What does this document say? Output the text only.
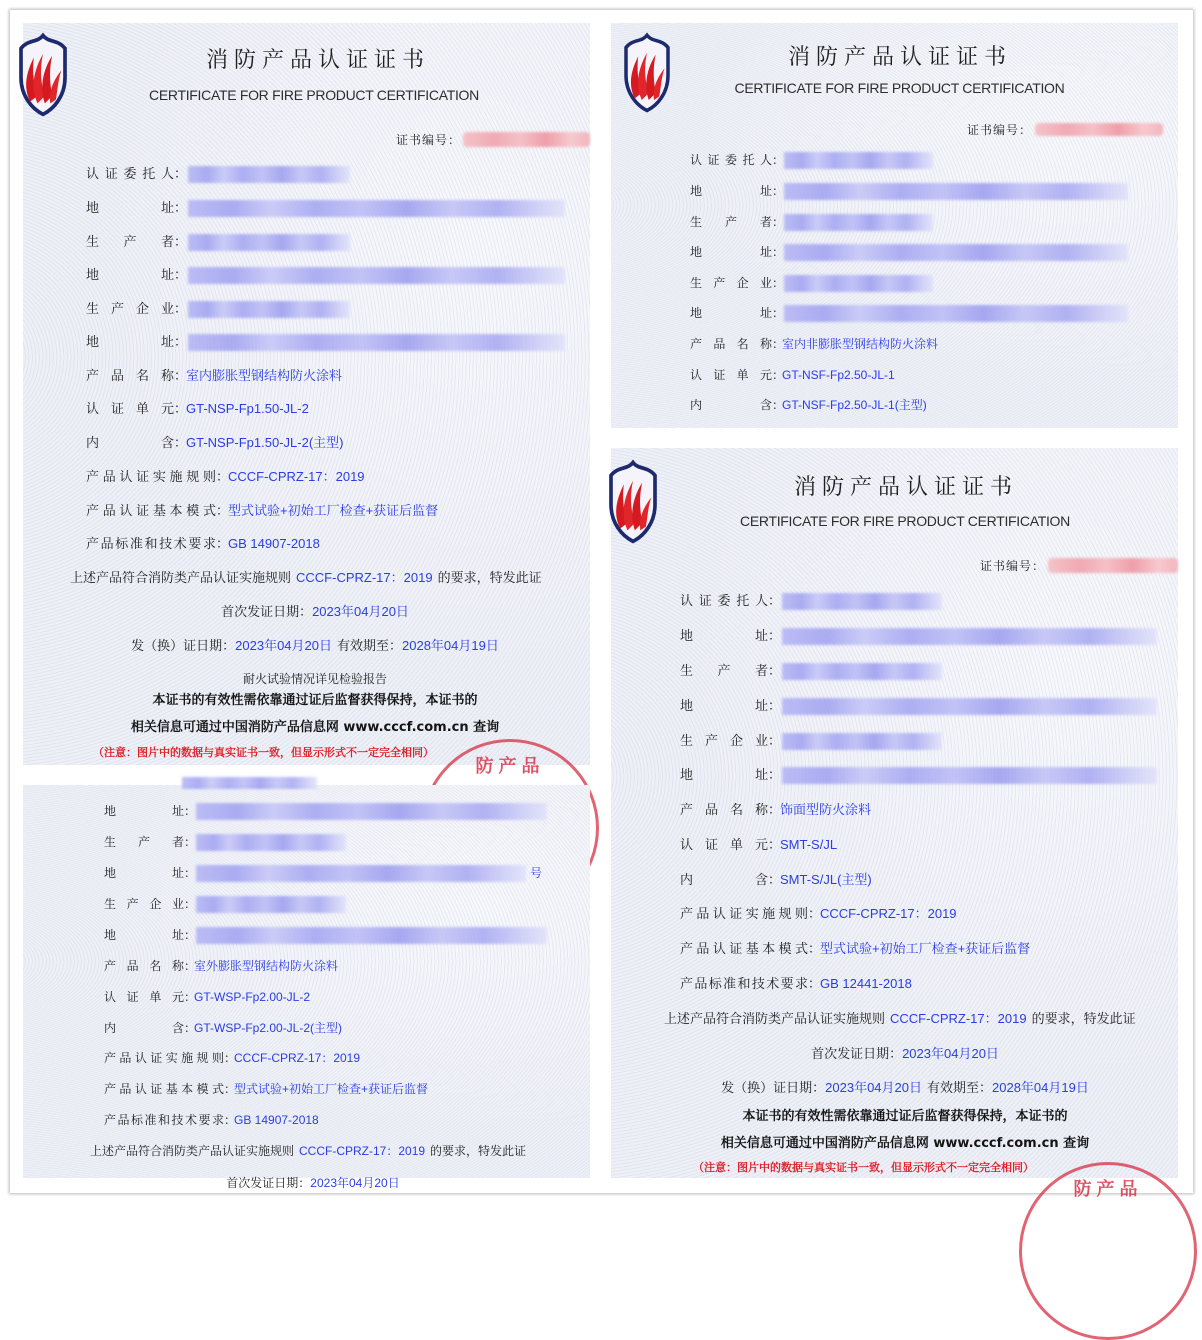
消防产品认证证书
CERTIFICATE FOR FIRE PRODUCT CERTIFICATION
证书编号：
认证委托人 ：
地址 ：
生产者 ：
地址 ：
生产企业 ：
地址 ：
产品名称 ：
室内膨胀型钢结构防火涂料
认证单元 ：
GT-NSP-Fp1.50-JL-2
内含 ：
GT-NSP-Fp1.50-JL-2(主型)
产品认证实施规则 ：
CCCF-CPRZ-17：2019
产品认证基本模式 ：
型式试验+初始工厂检查+获证后监督
产品标准和技术要求 ：
GB 14907-2018
上述产品符合消防类产品认证实施规则 CCCF-CPRZ-17：2019 的要求，特发此证
首次发证日期：2023年04月20日
发（换）证日期：2023年04月20日 有效期至：2028年04月19日
耐火试验情况详见检验报告
本证书的有效性需依靠通过证后监督获得保持，本证书的
相关信息可通过中国消防产品信息网 www.cccf.com.cn 查询
（注意：图片中的数据与真实证书一致，但显示形式不一定完全相同）
防产品
消防产品认证证书
CERTIFICATE FOR FIRE PRODUCT CERTIFICATION
证书编号：
认证委托人 ：
地址 ：
生产者 ：
地址 ：
生产企业 ：
地址 ：
产品名称 ：
室内非膨胀型钢结构防火涂料
认证单元 ：
GT-NSF-Fp2.50-JL-1
内含 ：
GT-NSF-Fp2.50-JL-1(主型)
地址 ：
生产者 ：
地址 ：	号
生产企业 ：
地址 ：
产品名称 ：
室外膨胀型钢结构防火涂料
认证单元 ：
GT-WSP-Fp2.00-JL-2
内含 ：
GT-WSP-Fp2.00-JL-2(主型)
产品认证实施规则 ：
CCCF-CPRZ-17：2019
产品认证基本模式 ：
型式试验+初始工厂检查+获证后监督
产品标准和技术要求 ：
GB 14907-2018
上述产品符合消防类产品认证实施规则 CCCF-CPRZ-17：2019 的要求，特发此证
首次发证日期：2023年04月20日
消防产品认证证书
CERTIFICATE FOR FIRE PRODUCT CERTIFICATION
证书编号：
认证委托人 ：
地址 ：
生产者 ：
地址 ：
生产企业 ：
地址 ：
产品名称 ：
饰面型防火涂料
认证单元 ：
SMT-S/JL
内含 ：
SMT-S/JL(主型)
产品认证实施规则 ：
CCCF-CPRZ-17：2019
产品认证基本模式 ：
型式试验+初始工厂检查+获证后监督
产品标准和技术要求 ：
GB 12441-2018
上述产品符合消防类产品认证实施规则 CCCF-CPRZ-17：2019 的要求，特发此证
首次发证日期：2023年04月20日
发（换）证日期：2023年04月20日 有效期至：2028年04月19日
本证书的有效性需依靠通过证后监督获得保持，本证书的
相关信息可通过中国消防产品信息网 www.cccf.com.cn 查询
（注意：图片中的数据与真实证书一致，但显示形式不一定完全相同）
防产品
